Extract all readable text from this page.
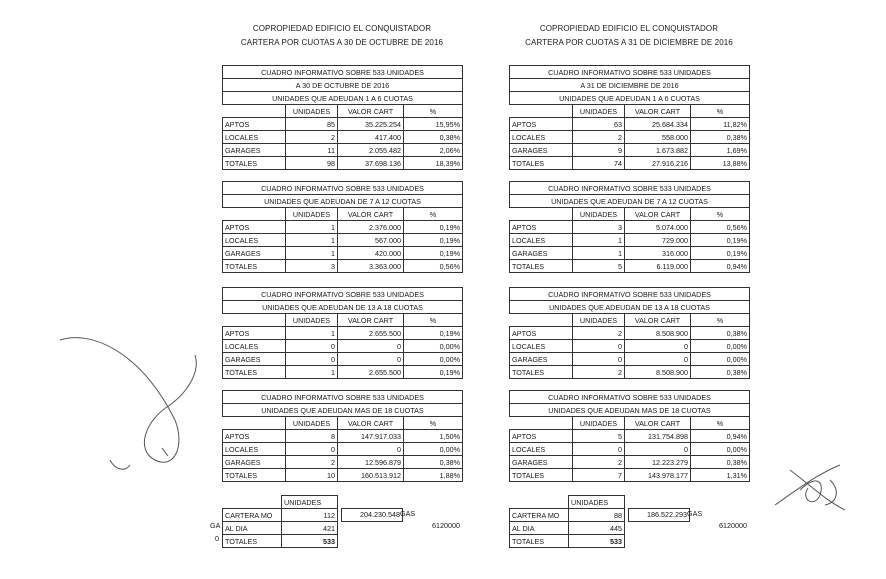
COPROPIEDAD EDIFICIO EL CONQUISTADOR
CARTERA POR CUOTAS A 30 DE OCTUBRE DE 2016
CUADRO INFORMATIVO SOBRE 533 UNIDADES			
A 30 DE OCTUBRE DE 2016			
UNIDADES QUE ADEUDAN 1 A 6 CUOTAS			
	UNIDADES	VALOR CART	%
APTOS	85	35.225.254	15,95%
LOCALES	2	417.400	0,38%
GARAGES	11	2.055.482	2,06%
TOTALES	98	37.698.136	18,39%
CUADRO INFORMATIVO SOBRE 533 UNIDADES			
UNIDADES QUE ADEUDAN DE 7 A 12 CUOTAS			
	UNIDADES	VALOR CART	%
APTOS	1	2.376.000	0,19%
LOCALES	1	567.000	0,19%
GARAGES	1	420.000	0,19%
TOTALES	3	3.363.000	0,56%
CUADRO INFORMATIVO SOBRE 533 UNIDADES			
UNIDADES QUE ADEUDAN DE 13 A 18 CUOTAS			
	UNIDADES	VALOR CART	%
APTOS	1	2.655.500	0,19%
LOCALES	0	0	0,00%
GARAGES	0	0	0,00%
TOTALES	1	2.655.500	0,19%
CUADRO INFORMATIVO SOBRE 533 UNIDADES			
UNIDADES QUE ADEUDAN MAS DE 18 CUOTAS			
	UNIDADES	VALOR CART	%
APTOS	8	147.917.033	1,50%
LOCALES	0	0	0,00%
GARAGES	2	12.596.879	0,38%
TOTALES	10	160.513.912	1,88%
	UNIDADES
CARTERA MO	112
AL DIA	421
TOTALES	533
204.230.548 GAS
6120000
GA
0
COPROPIEDAD EDIFICIO EL CONQUISTADOR
CARTERA POR CUOTAS A 31 DE DICIEMBRE DE 2016
CUADRO INFORMATIVO SOBRE 533 UNIDADES			
A 31 DE DICIEMBRE DE 2016			
UNIDADES QUE ADEUDAN 1 A 6 CUOTAS			
	UNIDADES	VALOR CART	%
APTOS	63	25.684.334	11,82%
LOCALES	2	558.000	0,38%
GARAGES	9	1.673.882	1,69%
TOTALES	74	27.916.216	13,88%
CUADRO INFORMATIVO SOBRE 533 UNIDADES			
UNIDADES QUE ADEUDAN DE 7 A 12 CUOTAS			
	UNIDADES	VALOR CART	%
APTOS	3	5.074.000	0,56%
LOCALES	1	729.000	0,19%
GARAGES	1	316.000	0,19%
TOTALES	5	6.119.000	0,94%
CUADRO INFORMATIVO SOBRE 533 UNIDADES			
UNIDADES QUE ADEUDAN DE 13 A 18 CUOTAS			
	UNIDADES	VALOR CART	%
APTOS	2	8.508.900	0,38%
LOCALES	0	0	0,00%
GARAGES	0	0	0,00%
TOTALES	2	8.508.900	0,38%
CUADRO INFORMATIVO SOBRE 533 UNIDADES			
UNIDADES QUE ADEUDAN MAS DE 18 CUOTAS			
	UNIDADES	VALOR CART	%
APTOS	5	131.754.898	0,94%
LOCALES	0	0	0,00%
GARAGES	2	12.223.279	0,38%
TOTALES	7	143.978.177	1,31%
	UNIDADES
CARTERA MO	88
AL DIA	445
TOTALES	533
186.522.293 GAS
6120000
